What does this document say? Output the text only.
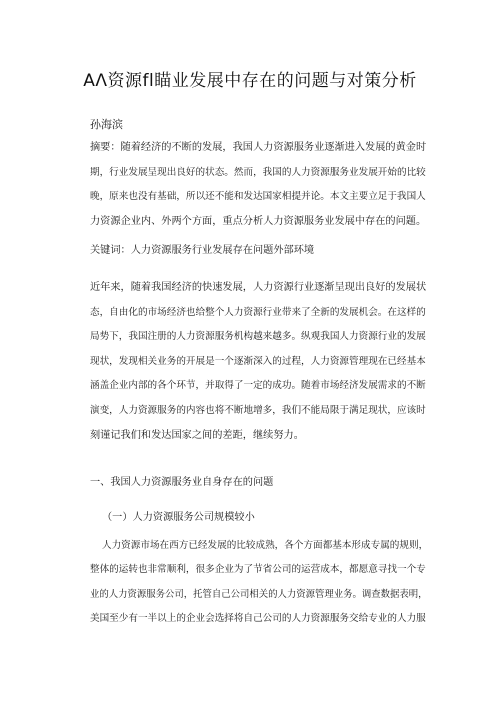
AΛ资源fl瞄业发展中存在的问题与对策分析
孙海滨
摘要：随着经济的不断的发展，我国人力资源服务业逐渐进入发展的黄金时
期，行业发展呈现出良好的状态。然而，我国的人力资源服务业发展开始的比较
晚，原来也没有基础，所以还不能和发达国家相提并论。本文主要立足于我国人
力资源企业内、外两个方面，重点分析人力资源服务业发展中存在的问题。
关键词：人力资源服务行业发展存在问题外部环境
近年来，随着我国经济的快速发展，人力资源行业逐渐呈现出良好的发展状
态，自由化的市场经济也给整个人力资源行业带来了全新的发展机会。在这样的
局势下，我国注册的人力资源服务机构越来越多。纵观我国人力资源行业的发展
现状，发现相关业务的开展是一个逐渐深入的过程，人力资源管理现在已经基本
涵盖企业内部的各个环节，并取得了一定的成功。随着市场经济发展需求的不断
演变，人力资源服务的内容也将不断地增多，我们不能局限于满足现状，应该时
刻谨记我们和发达国家之间的差距，继续努力。
一、我国人力资源服务业自身存在的问题
（一）人力资源服务公司规模较小
人力资源市场在西方已经发展的比较成熟，各个方面都基本形成专属的规则，
整体的运转也非常顺利，很多企业为了节省公司的运营成本，都愿意寻找一个专
业的人力资源服务公司，托管自己公司相关的人力资源管理业务。调查数据表明，
美国至少有一半以上的企业会选择将自己公司的人力资源服务交给专业的人力服
